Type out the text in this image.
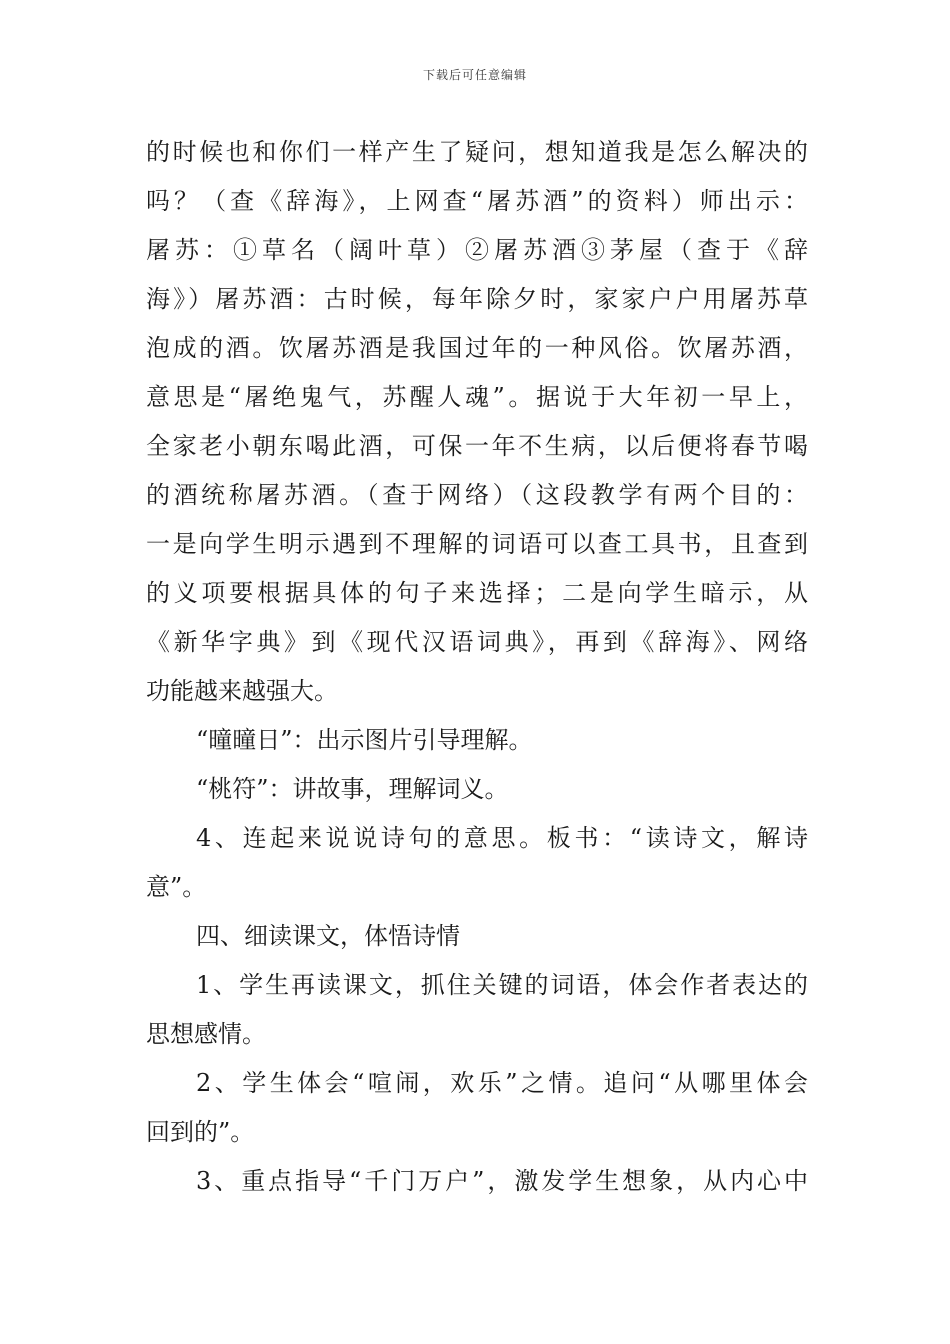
下载后可任意编辑
的时候也和你们一样产生了疑问，想知道我是怎么解决的
吗？（查《辞海》，上网查“屠苏酒”的资料）师出示：
屠苏：①草名（阔叶草）②屠苏酒③茅屋（查于《辞
海》）屠苏酒：古时候，每年除夕时，家家户户用屠苏草
泡成的酒。饮屠苏酒是我国过年的一种风俗。饮屠苏酒，
意思是“屠绝鬼气，苏醒人魂”。据说于大年初一早上，
全家老小朝东喝此酒，可保一年不生病，以后便将春节喝
的酒统称屠苏酒。（查于网络）（这段教学有两个目的：
一是向学生明示遇到不理解的词语可以查工具书，且查到
的义项要根据具体的句子来选择；二是向学生暗示，从
《新华字典》到《现代汉语词典》，再到《辞海》、网络
功能越来越强大。
“曈曈日”：出示图片引导理解。
“桃符”：讲故事，理解词义。
4、连起来说说诗句的意思。板书：“读诗文，解诗
意”。
四、细读课文，体悟诗情
1、学生再读课文，抓住关键的词语，体会作者表达的
思想感情。
2、学生体会“喧闹，欢乐”之情。追问“从哪里体会
回到的”。
3、重点指导“千门万户”，激发学生想象，从内心中
